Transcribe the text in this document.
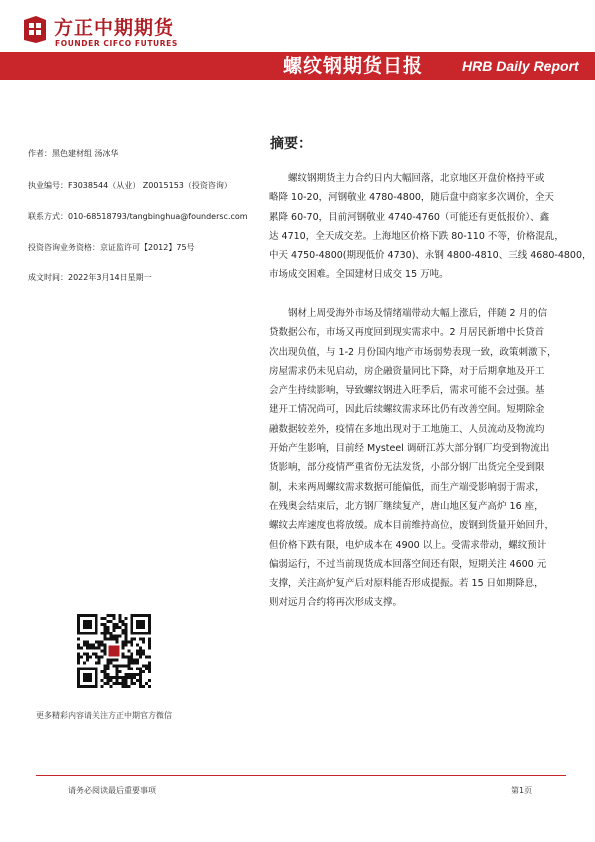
方正中期期货
FOUNDER CIFCO FUTURES
螺纹钢期货日报	HRB Daily Report
作者：黑色建材组 汤冰华
执业编号：F3038544（从业） Z0015153（投资咨询）
联系方式：010-68518793/tangbinghua@foundersc.com
投资咨询业务资格：京证监许可【2012】75号
成文时间：2022年3月14日星期一
摘要：
螺纹钢期货主力合约日内大幅回落，北京地区开盘价格持平或
略降 10-20，河钢敬业 4780-4800，随后盘中商家多次调价，全天
累降 60-70，目前河钢敬业 4740-4760（可能还有更低报价）、鑫
达 4710，全天成交差。上海地区价格下跌 80-110 不等，价格混乱，
中天 4750-4800(期现低价 4730)、永钢 4800-4810、三线 4680-4800，
市场成交困难。全国建材日成交 15 万吨。
钢材上周受海外市场及情绪端带动大幅上涨后，伴随 2 月的信
贷数据公布，市场又再度回到现实需求中。2 月居民新增中长贷首
次出现负值，与 1-2 月份国内地产市场弱势表现一致，政策刺激下，
房屋需求仍未见启动，房企融资量同比下降，对于后期拿地及开工
会产生持续影响，导致螺纹钢进入旺季后，需求可能不会过强。基
建开工情况尚可，因此后续螺纹需求环比仍有改善空间。短期除金
融数据较差外，疫情在多地出现对于工地施工、人员流动及物流均
开始产生影响，目前经 Mysteel 调研江苏大部分钢厂均受到物流出
货影响，部分疫情严重省份无法发货，小部分钢厂出货完全受到限
制，未来两周螺纹需求数据可能偏低，而生产端受影响弱于需求，
在残奥会结束后，北方钢厂继续复产，唐山地区复产高炉 16 座，
螺纹去库速度也将放缓。成本目前维持高位，废钢到货量开始回升，
但价格下跌有限，电炉成本在 4900 以上。受需求带动，螺纹预计
偏弱运行，不过当前现货成本回落空间还有限，短期关注 4600 元
支撑，关注高炉复产后对原料能否形成提振。若 15 日如期降息，
则对远月合约将再次形成支撑。
更多精彩内容请关注方正中期官方微信
请务必阅读最后重要事项	第1页
